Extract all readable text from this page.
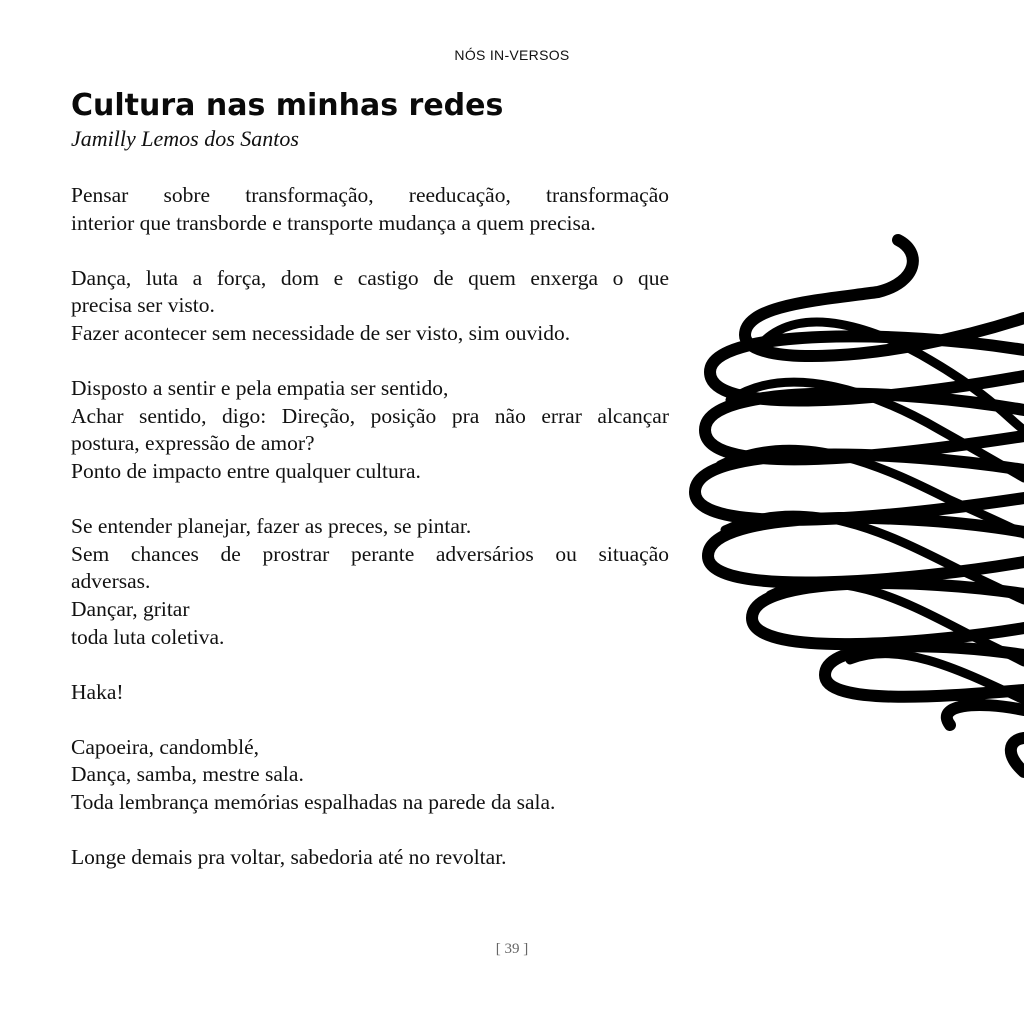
NÓS IN-VERSOS
Cultura nas minhas redes
Jamilly Lemos dos Santos

Pensar sobre transformação, reeducação, transformação
interior que transborde e transporte mudança a quem precisa.

Dança, luta a força, dom e castigo de quem enxerga o que
precisa ser visto.
Fazer acontecer sem necessidade de ser visto, sim ouvido.

Disposto a sentir e pela empatia ser sentido,
Achar sentido, digo: Direção, posição pra não errar alcançar
postura, expressão de amor?
Ponto de impacto entre qualquer cultura.

Se entender planejar, fazer as preces, se pintar.
Sem chances de prostrar perante adversários ou situação
adversas.
Dançar, gritar
toda luta coletiva.

Haka!

Capoeira, candomblé,
Dança, samba, mestre sala.
Toda lembrança memórias espalhadas na parede da sala.

Longe demais pra voltar, sabedoria até no revoltar.

[ 39 ]
